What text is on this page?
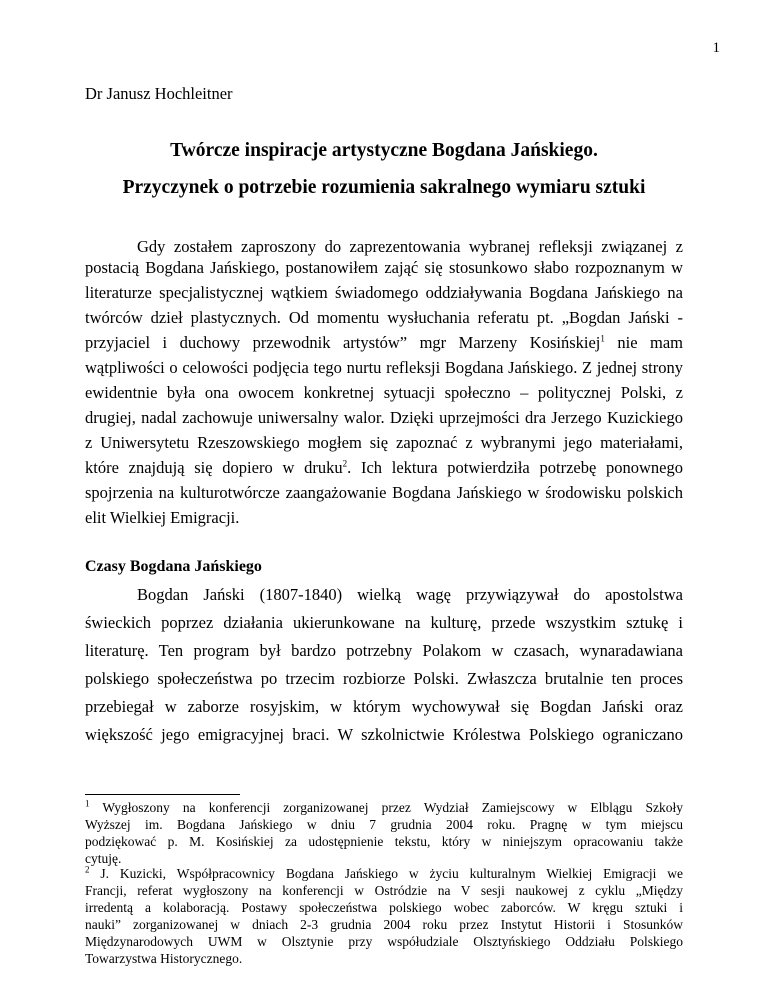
1
Dr Janusz Hochleitner
Twórcze inspiracje artystyczne Bogdana Jańskiego.
Przyczynek o potrzebie rozumienia sakralnego wymiaru sztuki
Gdy zostałem zaproszony do zaprezentowania wybranej refleksji związanej z
postacią Bogdana Jańskiego, postanowiłem zająć się stosunkowo słabo rozpoznanym w
literaturze specjalistycznej wątkiem świadomego oddziaływania Bogdana Jańskiego na
twórców dzieł plastycznych. Od momentu wysłuchania referatu pt. „Bogdan Jański -
przyjaciel i duchowy przewodnik artystów” mgr Marzeny Kosińskiej$^1$ nie mam
wątpliwości o celowości podjęcia tego nurtu refleksji Bogdana Jańskiego. Z jednej strony
ewidentnie była ona owocem konkretnej sytuacji społeczno – politycznej Polski, z
drugiej, nadal zachowuje uniwersalny walor. Dzięki uprzejmości dra Jerzego Kuzickiego
z Uniwersytetu Rzeszowskiego mogłem się zapoznać z wybranymi jego materiałami,
które znajdują się dopiero w druku$^2$. Ich lektura potwierdziła potrzebę ponownego
spojrzenia na kulturotwórcze zaangażowanie Bogdana Jańskiego w środowisku polskich
elit Wielkiej Emigracji.
Czasy Bogdana Jańskiego
Bogdan Jański (1807-1840) wielką wagę przywiązywał do apostolstwa
świeckich poprzez działania ukierunkowane na kulturę, przede wszystkim sztukę i
literaturę. Ten program był bardzo potrzebny Polakom w czasach, wynaradawiana
polskiego społeczeństwa po trzecim rozbiorze Polski. Zwłaszcza brutalnie ten proces
przebiegał w zaborze rosyjskim, w którym wychowywał się Bogdan Jański oraz
większość jego emigracyjnej braci. W szkolnictwie Królestwa Polskiego ograniczano
$^1$ Wygłoszony na konferencji zorganizowanej przez Wydział Zamiejscowy w Elblągu Szkoły
Wyższej im. Bogdana Jańskiego w dniu 7 grudnia 2004 roku. Pragnę w tym miejscu
podziękować p. M. Kosińskiej za udostępnienie tekstu, który w niniejszym opracowaniu także
cytuję.
$^2$ J. Kuzicki, Współpracownicy Bogdana Jańskiego w życiu kulturalnym Wielkiej Emigracji we
Francji, referat wygłoszony na konferencji w Ostródzie na V sesji naukowej z cyklu „Między
irredentą a kolaboracją. Postawy społeczeństwa polskiego wobec zaborców. W kręgu sztuki i
nauki” zorganizowanej w dniach 2-3 grudnia 2004 roku przez Instytut Historii i Stosunków
Międzynarodowych UWM w Olsztynie przy współudziale Olsztyńskiego Oddziału Polskiego
Towarzystwa Historycznego.
